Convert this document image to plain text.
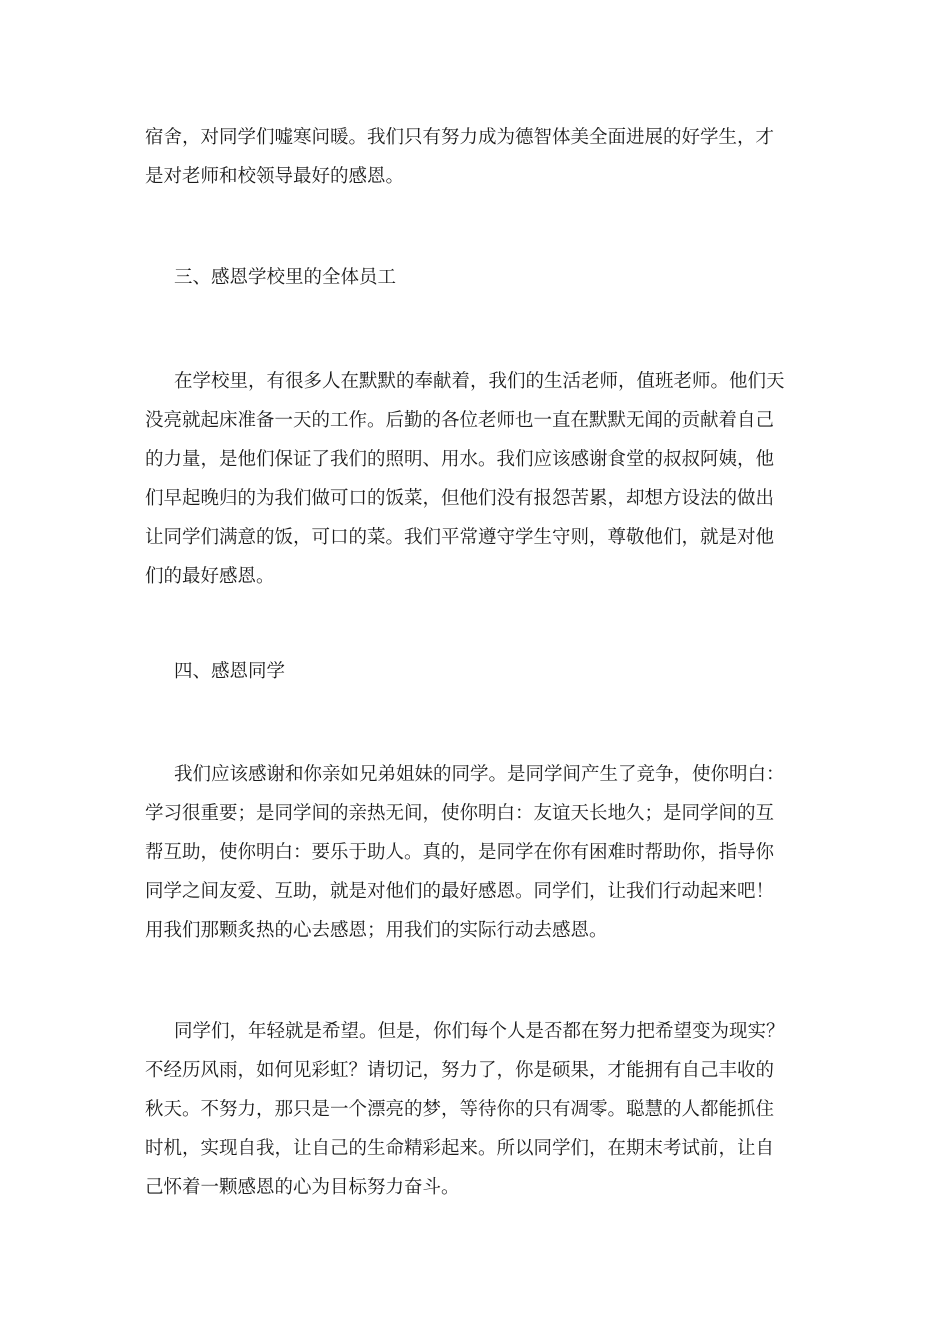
宿舍，对同学们嘘寒问暖。我们只有努力成为德智体美全面进展的好学生，才
是对老师和校领导最好的感恩。
三、感恩学校里的全体员工
在学校里，有很多人在默默的奉献着，我们的生活老师，值班老师。他们天
没亮就起床准备一天的工作。后勤的各位老师也一直在默默无闻的贡献着自己
的力量，是他们保证了我们的照明、用水。我们应该感谢食堂的叔叔阿姨，他
们早起晚归的为我们做可口的饭菜，但他们没有报怨苦累，却想方设法的做出
让同学们满意的饭，可口的菜。我们平常遵守学生守则，尊敬他们，就是对他
们的最好感恩。
四、感恩同学
我们应该感谢和你亲如兄弟姐妹的同学。是同学间产生了竞争，使你明白：
学习很重要；是同学间的亲热无间，使你明白：友谊天长地久；是同学间的互
帮互助，使你明白：要乐于助人。真的，是同学在你有困难时帮助你，指导你
同学之间友爱、互助，就是对他们的最好感恩。同学们，让我们行动起来吧！
用我们那颗炙热的心去感恩；用我们的实际行动去感恩。
同学们，年轻就是希望。但是，你们每个人是否都在努力把希望变为现实？
不经历风雨，如何见彩虹？请切记，努力了，你是硕果，才能拥有自己丰收的
秋天。不努力，那只是一个漂亮的梦，等待你的只有凋零。聪慧的人都能抓住
时机，实现自我，让自己的生命精彩起来。所以同学们，在期末考试前，让自
己怀着一颗感恩的心为目标努力奋斗。
